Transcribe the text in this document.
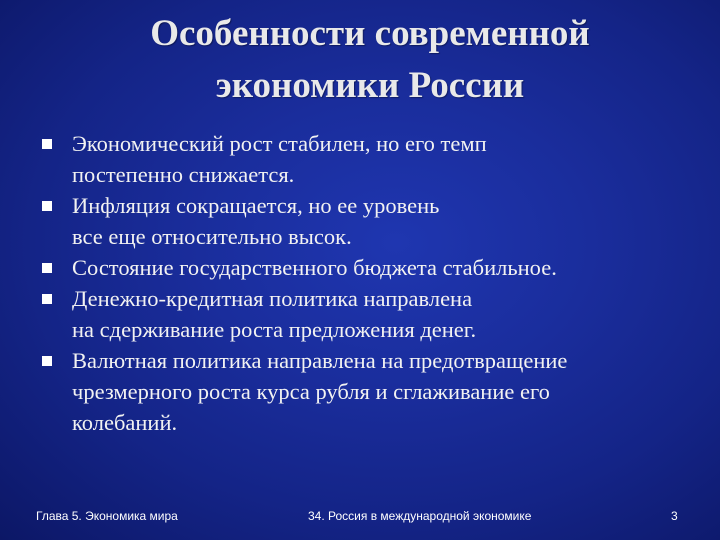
Особенности современной
экономики России
Экономический рост стабилен, но его темп
постепенно снижается.
Инфляция сокращается, но ее уровень
все еще относительно высок.
Состояние государственного бюджета стабильное.
Денежно-кредитная политика направлена
на сдерживание роста предложения денег.
Валютная политика направлена на предотвращение
чрезмерного роста курса рубля и сглаживание его
колебаний.
Глава 5. Экономика мира	34. Россия в международной экономике	3
